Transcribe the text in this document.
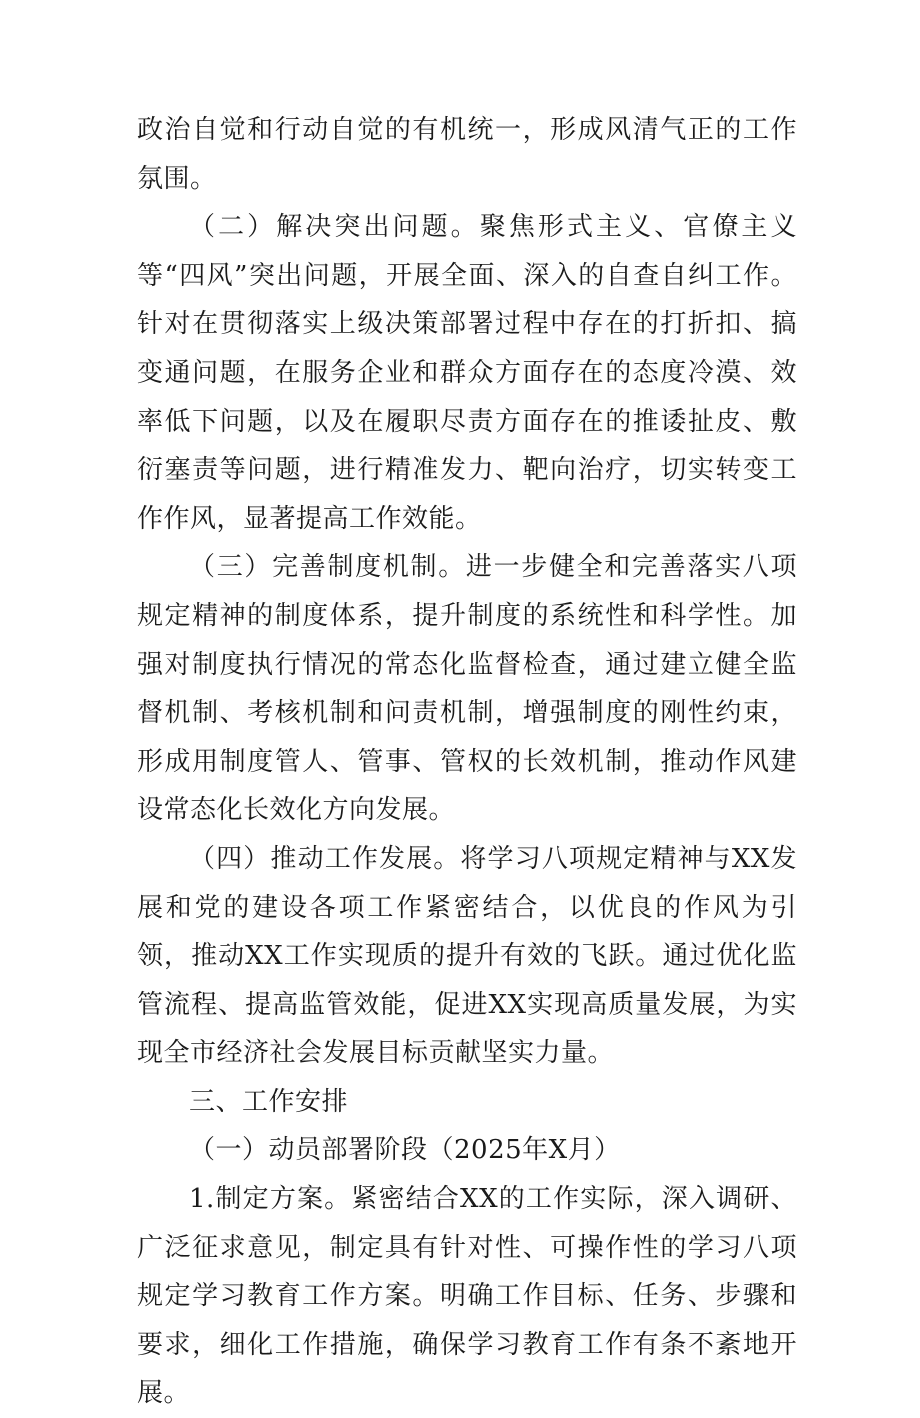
政治自觉和行动自觉的有机统一，形成风清气正的工作氛围。

（二）解决突出问题。聚焦形式主义、官僚主义等“四风”突出问题，开展全面、深入的自查自纠工作。针对在贯彻落实上级决策部署过程中存在的打折扣、搞变通问题，在服务企业和群众方面存在的态度冷漠、效率低下问题，以及在履职尽责方面存在的推诿扯皮、敷衍塞责等问题，进行精准发力、靶向治疗，切实转变工作作风，显著提高工作效能。

（三）完善制度机制。进一步健全和完善落实八项规定精神的制度体系，提升制度的系统性和科学性。加强对制度执行情况的常态化监督检查，通过建立健全监督机制、考核机制和问责机制，增强制度的刚性约束，形成用制度管人、管事、管权的长效机制，推动作风建设常态化长效化方向发展。

（四）推动工作发展。将学习八项规定精神与XX发展和党的建设各项工作紧密结合，以优良的作风为引领，推动XX工作实现质的提升有效的飞跃。通过优化监管流程、提高监管效能，促进XX实现高质量发展，为实现全市经济社会发展目标贡献坚实力量。

三、工作安排

（一）动员部署阶段（2025年X月）

1.制定方案。紧密结合XX的工作实际，深入调研、广泛征求意见，制定具有针对性、可操作性的学习八项规定学习教育工作方案。明确工作目标、任务、步骤和要求，细化工作措施，确保学习教育工作有条不紊地开展。
